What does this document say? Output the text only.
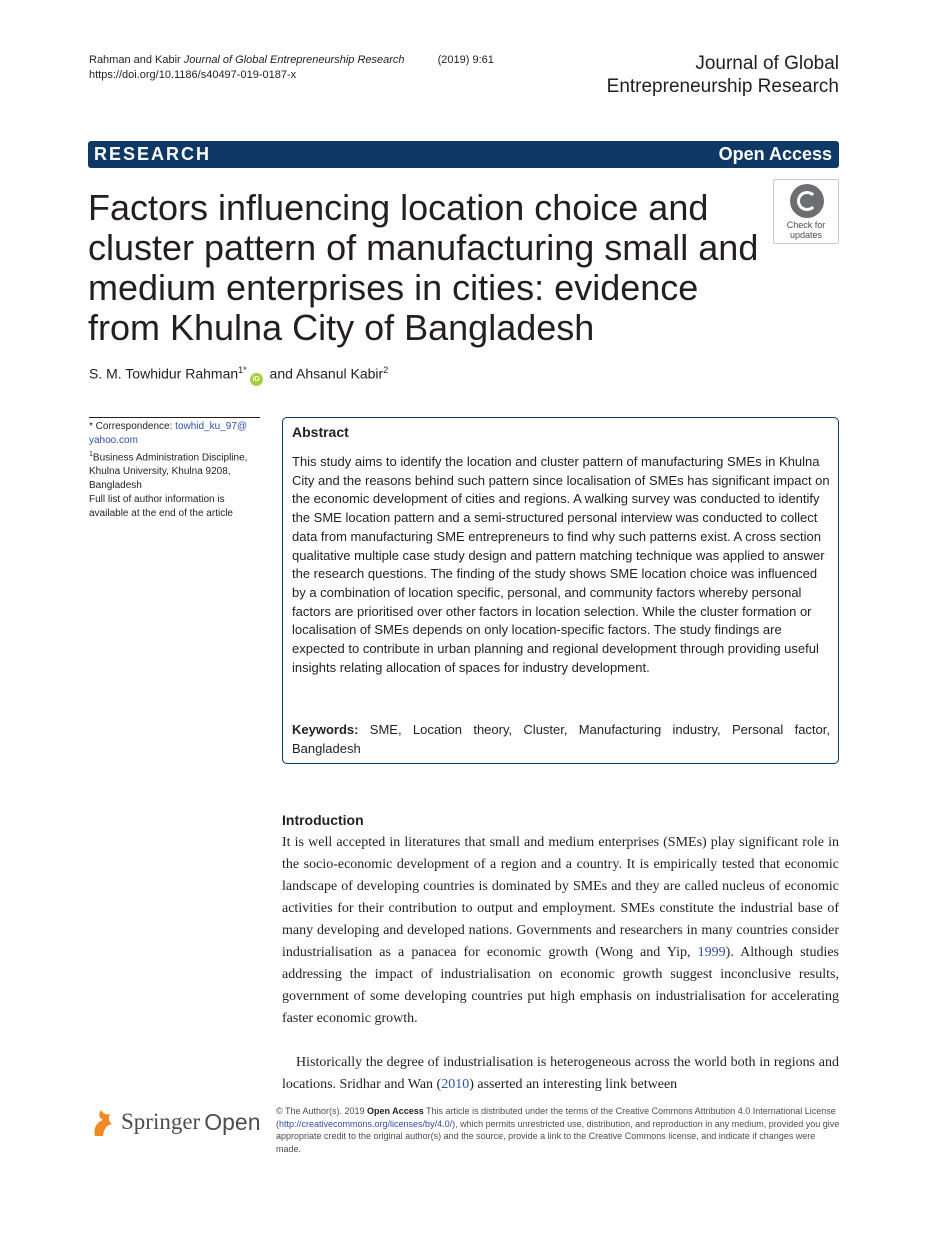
Rahman and Kabir Journal of Global Entrepreneurship Research	(2019) 9:61
https://doi.org/10.1186/s40497-019-0187-x
Journal of Global
Entrepreneurship Research
RESEARCH	Open Access
Factors influencing location choice and cluster pattern of manufacturing small and medium enterprises in cities: evidence from Khulna City of Bangladesh
Check for
updates
S. M. Towhidur Rahman$^{1*}$iD and Ahsanul Kabir$^2$
* Correspondence: towhid_ku_97@
yahoo.com
$^1$Business Administration Discipline, Khulna University, Khulna 9208, Bangladesh
Full list of author information is available at the end of the article
Abstract
This study aims to identify the location and cluster pattern of manufacturing SMEs in Khulna City and the reasons behind such pattern since localisation of SMEs has significant impact on the economic development of cities and regions. A walking survey was conducted to identify the SME location pattern and a semi-structured personal interview was conducted to collect data from manufacturing SME entrepreneurs to find why such patterns exist. A cross section qualitative multiple case study design and pattern matching technique was applied to answer the research questions. The finding of the study shows SME location choice was influenced by a combination of location specific, personal, and community factors whereby personal factors are prioritised over other factors in location selection. While the cluster formation or localisation of SMEs depends on only location-specific factors. The study findings are expected to contribute in urban planning and regional development through providing useful insights relating allocation of spaces for industry development.
Keywords: SME, Location theory, Cluster, Manufacturing industry, Personal factor, Bangladesh
Introduction

It is well accepted in literatures that small and medium enterprises (SMEs) play significant role in the socio-economic development of a region and a country. It is empirically tested that economic landscape of developing countries is dominated by SMEs and they are called nucleus of economic activities for their contribution to output and employment. SMEs constitute the industrial base of many developing and developed nations. Governments and researchers in many countries consider industrialisation as a panacea for economic growth (Wong and Yip, 1999). Although studies addressing the impact of industrialisation on economic growth suggest inconclusive results, government of some developing countries put high emphasis on industrialisation for accelerating faster economic growth.

Historically the degree of industrialisation is heterogeneous across the world both in regions and locations. Sridhar and Wan (2010) asserted an interesting link between

Springer Open © The Author(s). 2019 Open Access This article is distributed under the terms of the Creative Commons Attribution 4.0 International License (http://creativecommons.org/licenses/by/4.0/), which permits unrestricted use, distribution, and reproduction in any medium, provided you give appropriate credit to the original author(s) and the source, provide a link to the Creative Commons license, and indicate if changes were made.
